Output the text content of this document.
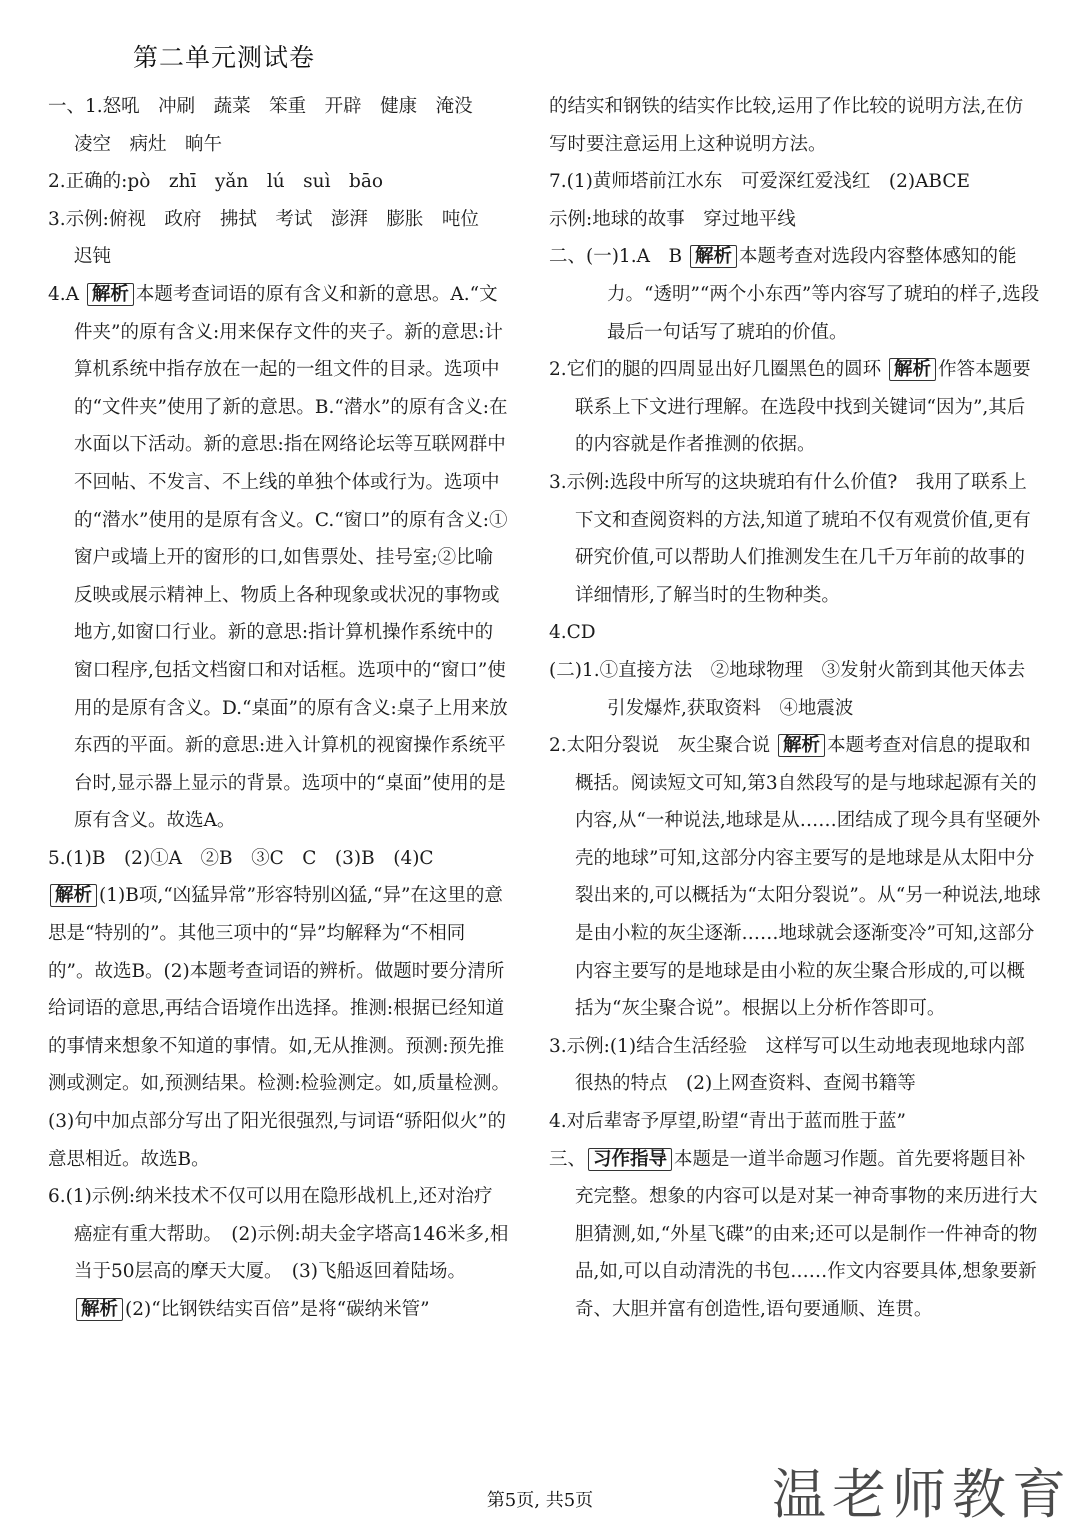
第二单元测试卷

一、1.怒吼　冲刷　蔬菜　笨重　开辟　健康　淹没
凌空　病灶　晌午

2.正确的:pò　zhī　yǎn　lú　suì　bāo

3.示例:俯视　政府　拂拭　考试　澎湃　膨胀　吨位　迟钝

4.A 解析 本题考查词语的原有含义和新的意思。A.“文件夹”的原有含义:用来保存文件的夹子。新的意思:计算机系统中指存放在一起的一组文件的目录。选项中的“文件夹”使用了新的意思。B.“潜水”的原有含义:在水面以下活动。新的意思:指在网络论坛等互联网群中不回帖、不发言、不上线的单独个体或行为。选项中的“潜水”使用的是原有含义。C.“窗口”的原有含义:①窗户或墙上开的窗形的口,如售票处、挂号室;②比喻反映或展示精神上、物质上各种现象或状况的事物或地方,如窗口行业。新的意思:指计算机操作系统中的窗口程序,包括文档窗口和对话框。选项中的“窗口”使用的是原有含义。D.“桌面”的原有含义:桌子上用来放东西的平面。新的意思:进入计算机的视窗操作系统平台时,显示器上显示的背景。选项中的“桌面”使用的是原有含义。故选A。

5.(1)B　(2)①A　②B　③C　C　(3)B　(4)C

解析 (1)B项,“凶猛异常”形容特别凶猛,“异”在这里的意思是“特别的”。其他三项中的“异”均解释为“不相同的”。故选B。(2)本题考查词语的辨析。做题时要分清所给词语的意思,再结合语境作出选择。推测:根据已经知道的事情来想象不知道的事情。如,无从推测。预测:预先推测或测定。如,预测结果。检测:检验测定。如,质量检测。(3)句中加点部分写出了阳光很强烈,与词语“骄阳似火”的意思相近。故选B。

6.(1)示例:纳米技术不仅可以用在隐形战机上,还对治疗癌症有重大帮助。　(2)示例:胡夫金字塔高146米多,相当于50层高的摩天大厦。　(3)飞船返回着陆场。　解析 (2)“比钢铁结实百倍”是将“碳纳米管”

的结实和钢铁的结实作比较,运用了作比较的说明方法,在仿写时要注意运用上这种说明方法。

7.(1)黄师塔前江水东　可爱深红爱浅红　(2)ABCE

示例:地球的故事　穿过地平线

二、(一)1.A　B 解析 本题考查对选段内容整体感知的能力。“透明”“两个小东西”等内容写了琥珀的样子,选段最后一句话写了琥珀的价值。

2.它们的腿的四周显出好几圈黑色的圆环 解析 作答本题要联系上下文进行理解。在选段中找到关键词“因为”,其后的内容就是作者推测的依据。

3.示例:选段中所写的这块琥珀有什么价值?　我用了联系上下文和查阅资料的方法,知道了琥珀不仅有观赏价值,更有研究价值,可以帮助人们推测发生在几千万年前的故事的详细情形,了解当时的生物种类。

4.CD

(二)1.①直接方法　②地球物理　③发射火箭到其他天体去引发爆炸,获取资料　④地震波

2.太阳分裂说　灰尘聚合说 解析 本题考查对信息的提取和概括。阅读短文可知,第3自然段写的是与地球起源有关的内容,从“一种说法,地球是从……团结成了现今具有坚硬外壳的地球”可知,这部分内容主要写的是地球是从太阳中分裂出来的,可以概括为“太阳分裂说”。从“另一种说法,地球是由小粒的灰尘逐渐……地球就会逐渐变冷”可知,这部分内容主要写的是地球是由小粒的灰尘聚合形成的,可以概括为“灰尘聚合说”。根据以上分析作答即可。

3.示例:(1)结合生活经验　这样写可以生动地表现地球内部很热的特点　(2)上网查资料、查阅书籍等

4.对后辈寄予厚望,盼望“青出于蓝而胜于蓝”

三、 习作指导 本题是一道半命题习作题。首先要将题目补充完整。想象的内容可以是对某一神奇事物的来历进行大胆猜测,如,“外星飞碟”的由来;还可以是制作一件神奇的物品,如,可以自动清洗的书包……作文内容要具体,想象要新奇、大胆并富有创造性,语句要通顺、连贯。

第5页, 共5页	温老师教育
